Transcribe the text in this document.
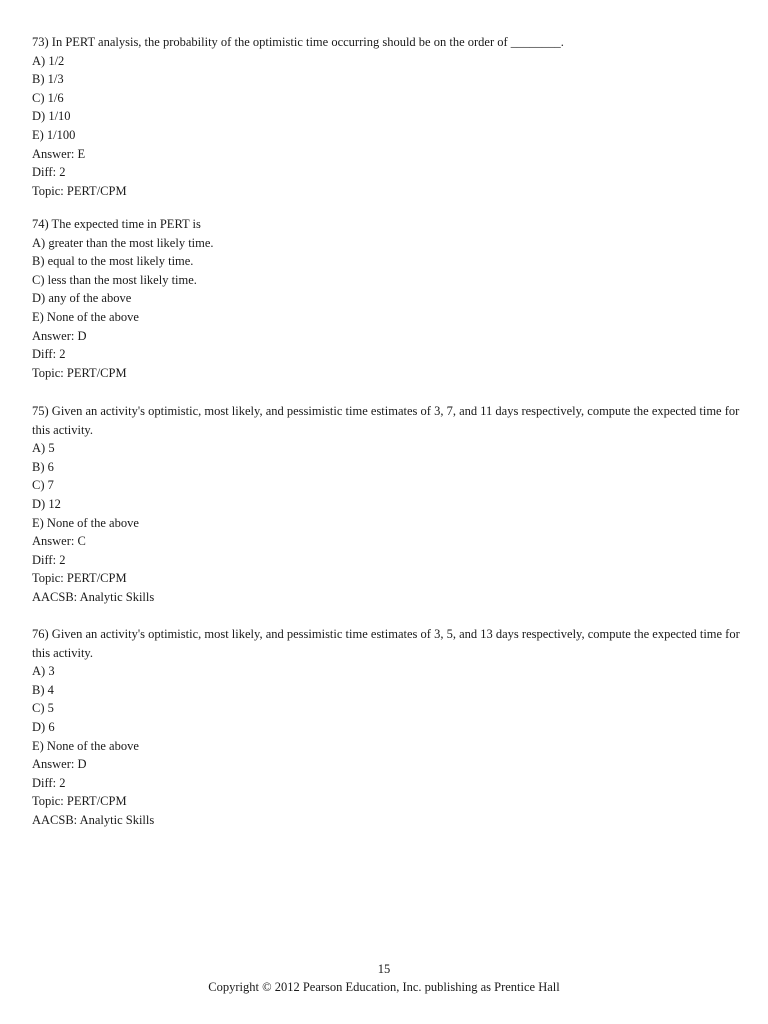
73) In PERT analysis, the probability of the optimistic time occurring should be on the order of ________.
A) 1/2
B) 1/3
C) 1/6
D) 1/10
E) 1/100
Answer: E
Diff: 2
Topic: PERT/CPM
74) The expected time in PERT is
A) greater than the most likely time.
B) equal to the most likely time.
C) less than the most likely time.
D) any of the above
E) None of the above
Answer: D
Diff: 2
Topic: PERT/CPM
75) Given an activity's optimistic, most likely, and pessimistic time estimates of 3, 7, and 11 days respectively, compute the expected time for this activity.
A) 5
B) 6
C) 7
D) 12
E) None of the above
Answer: C
Diff: 2
Topic: PERT/CPM
AACSB: Analytic Skills
76) Given an activity's optimistic, most likely, and pessimistic time estimates of 3, 5, and 13 days respectively, compute the expected time for this activity.
A) 3
B) 4
C) 5
D) 6
E) None of the above
Answer: D
Diff: 2
Topic: PERT/CPM
AACSB: Analytic Skills
15
Copyright © 2012 Pearson Education, Inc. publishing as Prentice Hall
